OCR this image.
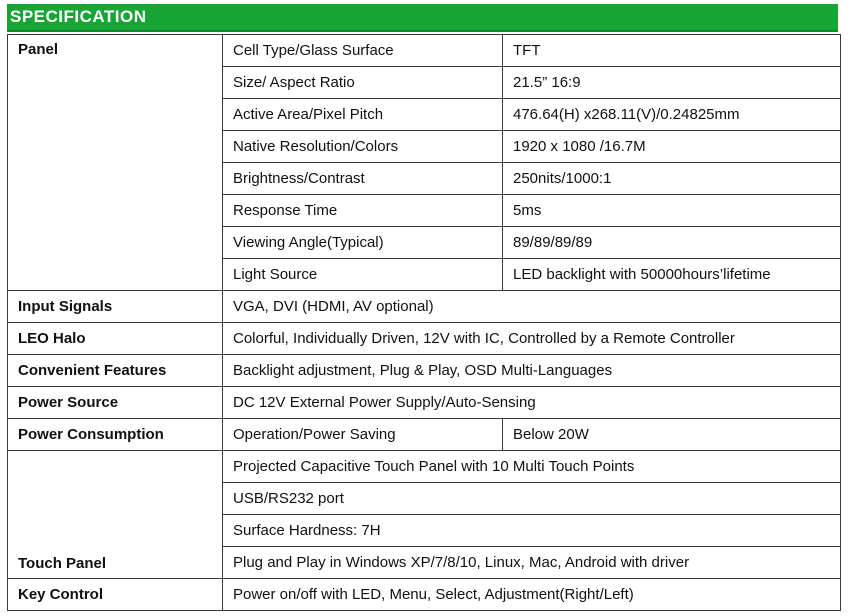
SPECIFICATION
Panel	Cell Type/Glass Surface	TFT
	Size/ Aspect Ratio	21.5” 16:9
	Active Area/Pixel Pitch	476.64(H) x268.11(V)/0.24825mm
	Native Resolution/Colors	1920 x 1080 /16.7M
	Brightness/Contrast	250nits/1000:1
	Response Time	5ms
	Viewing Angle(Typical)	89/89/89/89
	Light Source	LED backlight with 50000hours’lifetime
Input Signals	VGA, DVI (HDMI, AV optional)	
LEO Halo	Colorful, Individually Driven, 12V with IC, Controlled by a Remote Controller	
Convenient Features	Backlight adjustment, Plug & Play, OSD Multi-Languages	
Power Source	DC 12V External Power Supply/Auto-Sensing	
Power Consumption	Operation/Power Saving	Below 20W
Touch Panel	Projected Capacitive Touch Panel with 10 Multi Touch Points	
	USB/RS232 port	
	Surface Hardness: 7H	
	Plug and Play in Windows XP/7/8/10, Linux, Mac, Android with driver	
Key Control	Power on/off with LED, Menu, Select, Adjustment(Right/Left)	
